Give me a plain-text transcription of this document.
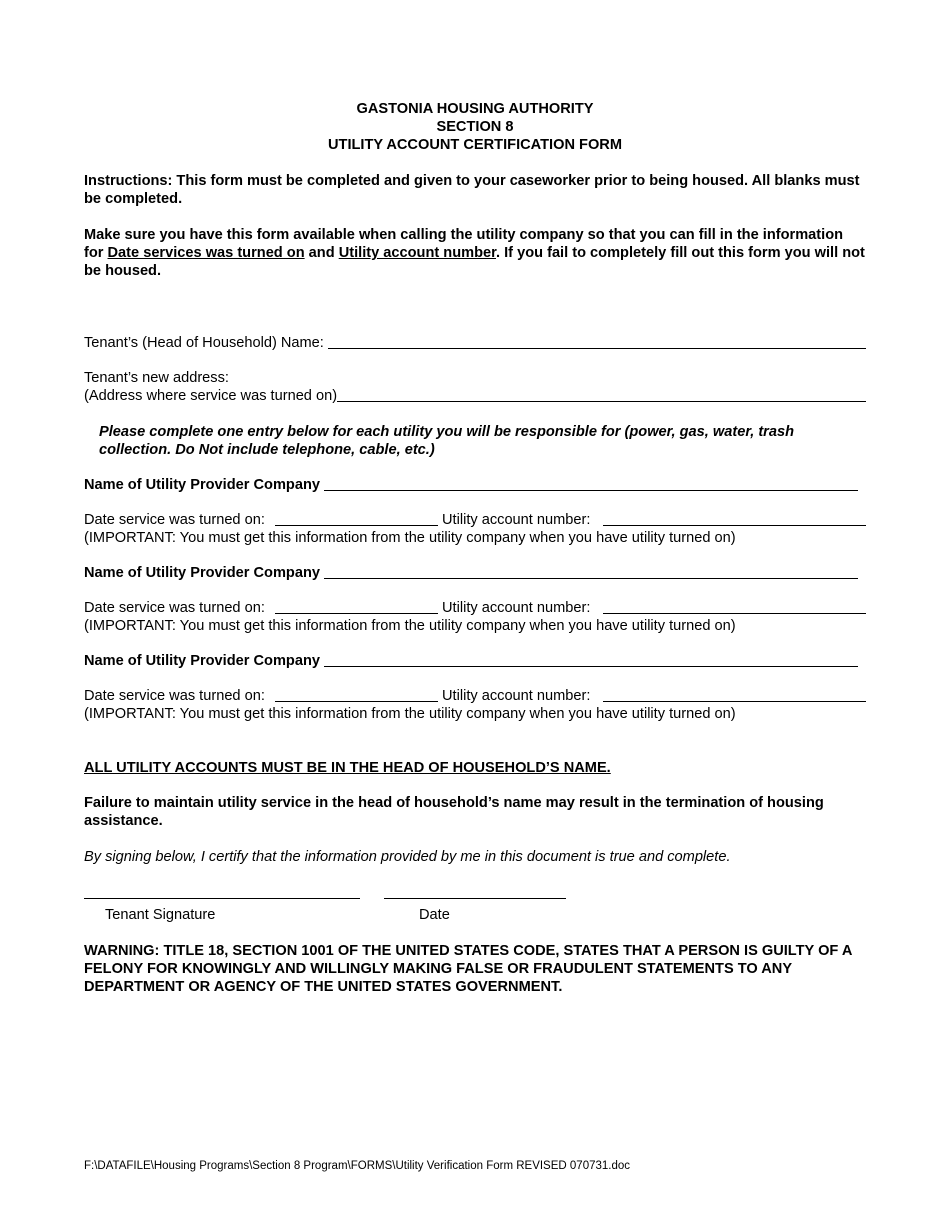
GASTONIA HOUSING AUTHORITY
SECTION 8
UTILITY ACCOUNT CERTIFICATION FORM

Instructions: This form must be completed and given to your caseworker prior to being housed. All blanks must be completed.

Make sure you have this form available when calling the utility company so that you can fill in the information for Date services was turned on and Utility account number. If you fail to completely fill out this form you will not be housed.

Tenant’s (Head of Household) Name:
Tenant’s new address:
(Address where service was turned on)

Please complete one entry below for each utility you will be responsible for (power, gas, water, trash collection. Do Not include telephone, cable, etc.)

Name of Utility Provider Company
Date service was turned on:	Utility account number:
(IMPORTANT: You must get this information from the utility company when you have utility turned on)
Name of Utility Provider Company
Date service was turned on:	Utility account number:
(IMPORTANT: You must get this information from the utility company when you have utility turned on)
Name of Utility Provider Company
Date service was turned on:	Utility account number:
(IMPORTANT: You must get this information from the utility company when you have utility turned on)

ALL UTILITY ACCOUNTS MUST BE IN THE HEAD OF HOUSEHOLD’S NAME.

Failure to maintain utility service in the head of household’s name may result in the termination of housing assistance.

By signing below, I certify that the information provided by me in this document is true and complete.

Tenant Signature	Date

WARNING: TITLE 18, SECTION 1001 OF THE UNITED STATES CODE, STATES THAT A PERSON IS GUILTY OF A FELONY FOR KNOWINGLY AND WILLINGLY MAKING FALSE OR FRAUDULENT STATEMENTS TO ANY DEPARTMENT OR AGENCY OF THE UNITED STATES GOVERNMENT.

F:\DATAFILE\Housing Programs\Section 8 Program\FORMS\Utility Verification Form REVISED 070731.doc
